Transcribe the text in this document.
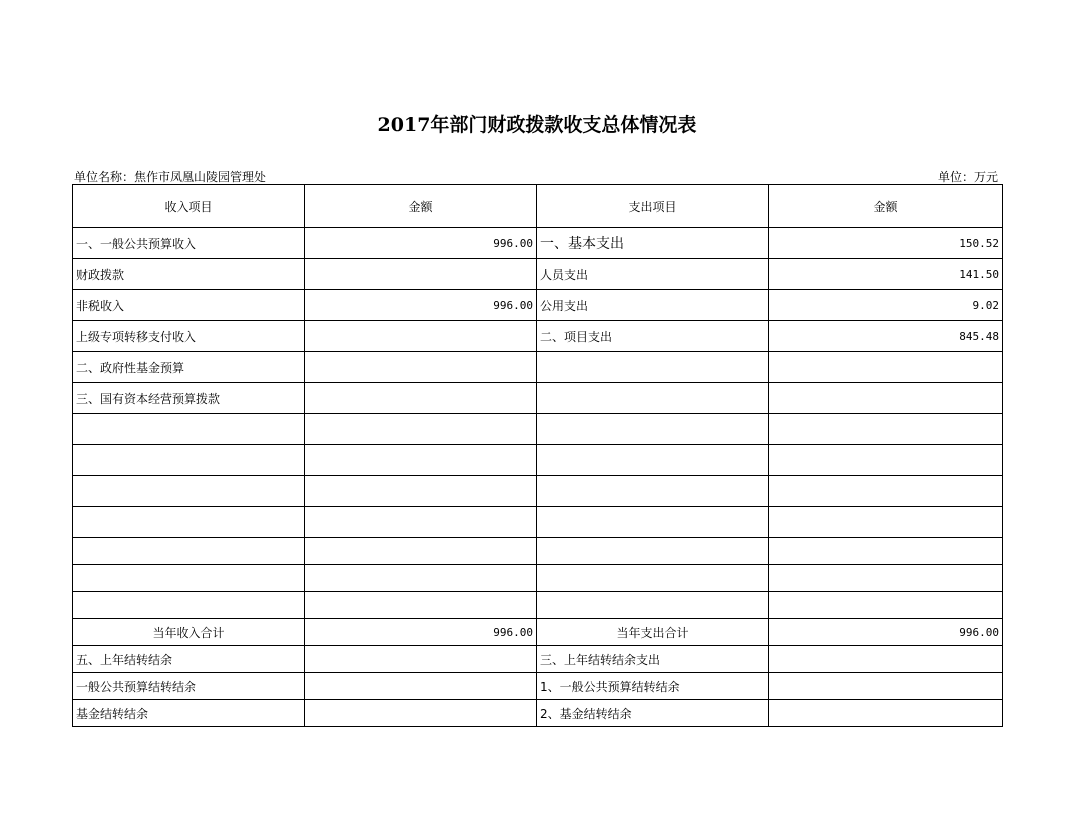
2017年部门财政拨款收支总体情况表
单位名称：焦作市凤凰山陵园管理处	单位：万元
收入项目	金额	支出项目	金额
一、一般公共预算收入	996.00	一、基本支出	150.52
财政拨款		人员支出	141.50
非税收入	996.00	公用支出	9.02
上级专项转移支付收入		二、项目支出	845.48
二、政府性基金预算			
三、国有资本经营预算拨款			

当年收入合计	996.00	当年支出合计	996.00
五、上年结转结余		三、上年结转结余支出	
一般公共预算结转结余		1、一般公共预算结转结余	
基金结转结余		2、基金结转结余	
